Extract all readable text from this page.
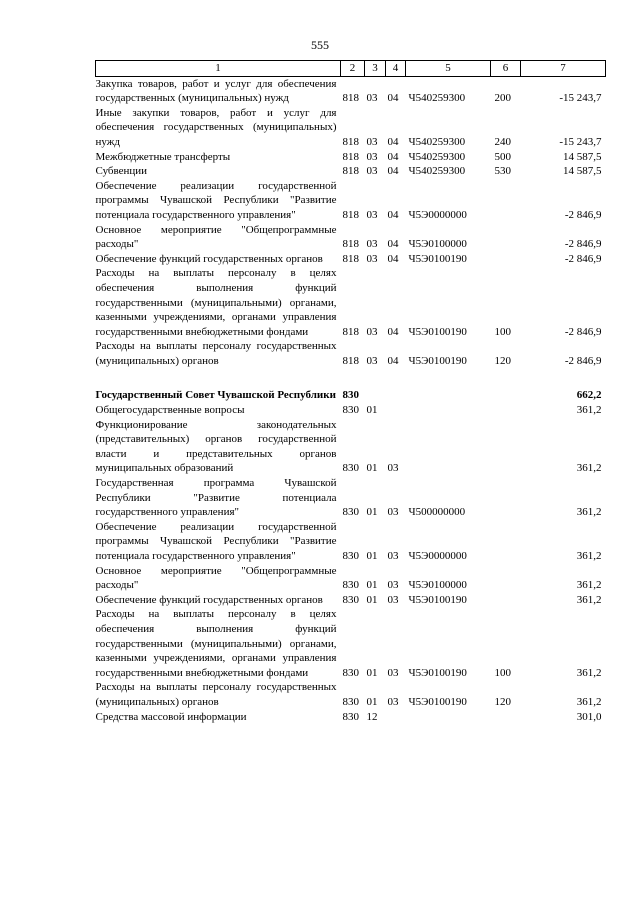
555
1	2	3	4	5	6	7
Закупка товаров, работ и услуг для обеспечения государственных (муниципальных) нужд	818	03	04	Ч540259300	200	-15 243,7
Иные закупки товаров, работ и услуг для обеспечения государственных (муниципальных) нужд	818	03	04	Ч540259300	240	-15 243,7
Межбюджетные трансферты	818	03	04	Ч540259300	500	14 587,5
Субвенции	818	03	04	Ч540259300	530	14 587,5
Обеспечение реализации государственной программы Чувашской Республики "Развитие потенциала государственного управления"	818	03	04	Ч5Э0000000		-2 846,9
Основное мероприятие "Общепрограммные расходы"	818	03	04	Ч5Э0100000		-2 846,9
Обеспечение функций государственных органов	818	03	04	Ч5Э0100190		-2 846,9
Расходы на выплаты персоналу в целях обеспечения выполнения функций государственными (муниципальными) органами, казенными учреждениями, органами управления государственными внебюджетными фондами	818	03	04	Ч5Э0100190	100	-2 846,9
Расходы на выплаты персоналу государственных (муниципальных) органов	818	03	04	Ч5Э0100190	120	-2 846,9

Государственный Совет Чувашской Республики	830					662,2
Общегосударственные вопросы	830	01				361,2
Функционирование законодательных (представительных) органов государственной власти и представительных органов муниципальных образований	830	01	03			361,2
Государственная программа Чувашской Республики "Развитие потенциала государственного управления"	830	01	03	Ч500000000		361,2
Обеспечение реализации государственной программы Чувашской Республики "Развитие потенциала государственного управления"	830	01	03	Ч5Э0000000		361,2
Основное мероприятие "Общепрограммные расходы"	830	01	03	Ч5Э0100000		361,2
Обеспечение функций государственных органов	830	01	03	Ч5Э0100190		361,2
Расходы на выплаты персоналу в целях обеспечения выполнения функций государственными (муниципальными) органами, казенными учреждениями, органами управления государственными внебюджетными фондами	830	01	03	Ч5Э0100190	100	361,2
Расходы на выплаты персоналу государственных (муниципальных) органов	830	01	03	Ч5Э0100190	120	361,2
Средства массовой информации	830	12				301,0
